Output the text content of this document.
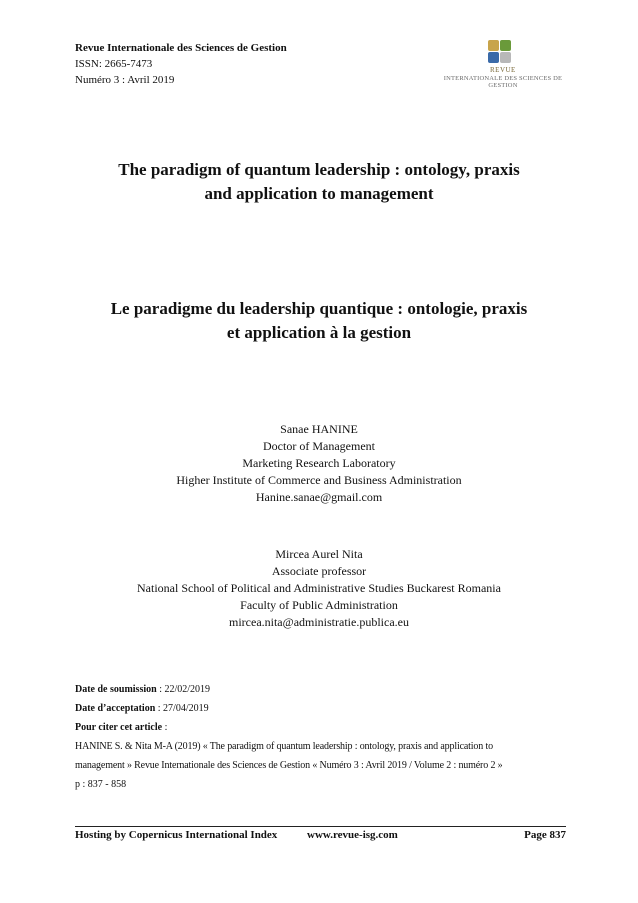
Revue Internationale des Sciences de Gestion
ISSN: 2665-7473
Numéro 3 : Avril 2019
REVUE
INTERNATIONALE DES SCIENCES DE GESTION
The paradigm of quantum leadership : ontology, praxis
and application to management
Le paradigme du leadership quantique : ontologie, praxis
et application à la gestion
Sanae HANINE
Doctor of Management
Marketing Research Laboratory
Higher Institute of Commerce and Business Administration
Hanine.sanae@gmail.com
Mircea Aurel Nita
Associate professor
National School of Political and Administrative Studies Buckarest Romania
Faculty of Public Administration
mircea.nita@administratie.publica.eu
Date de soumission : 22/02/2019
Date d’acceptation : 27/04/2019
Pour citer cet article :
HANINE S. & Nita M-A (2019) « The paradigm of quantum leadership : ontology, praxis and application to
management » Revue Internationale des Sciences de Gestion « Numéro 3 : Avril 2019 / Volume 2 : numéro 2 »
p : 837 - 858
Hosting by Copernicus International Index	www.revue-isg.com	Page 837
